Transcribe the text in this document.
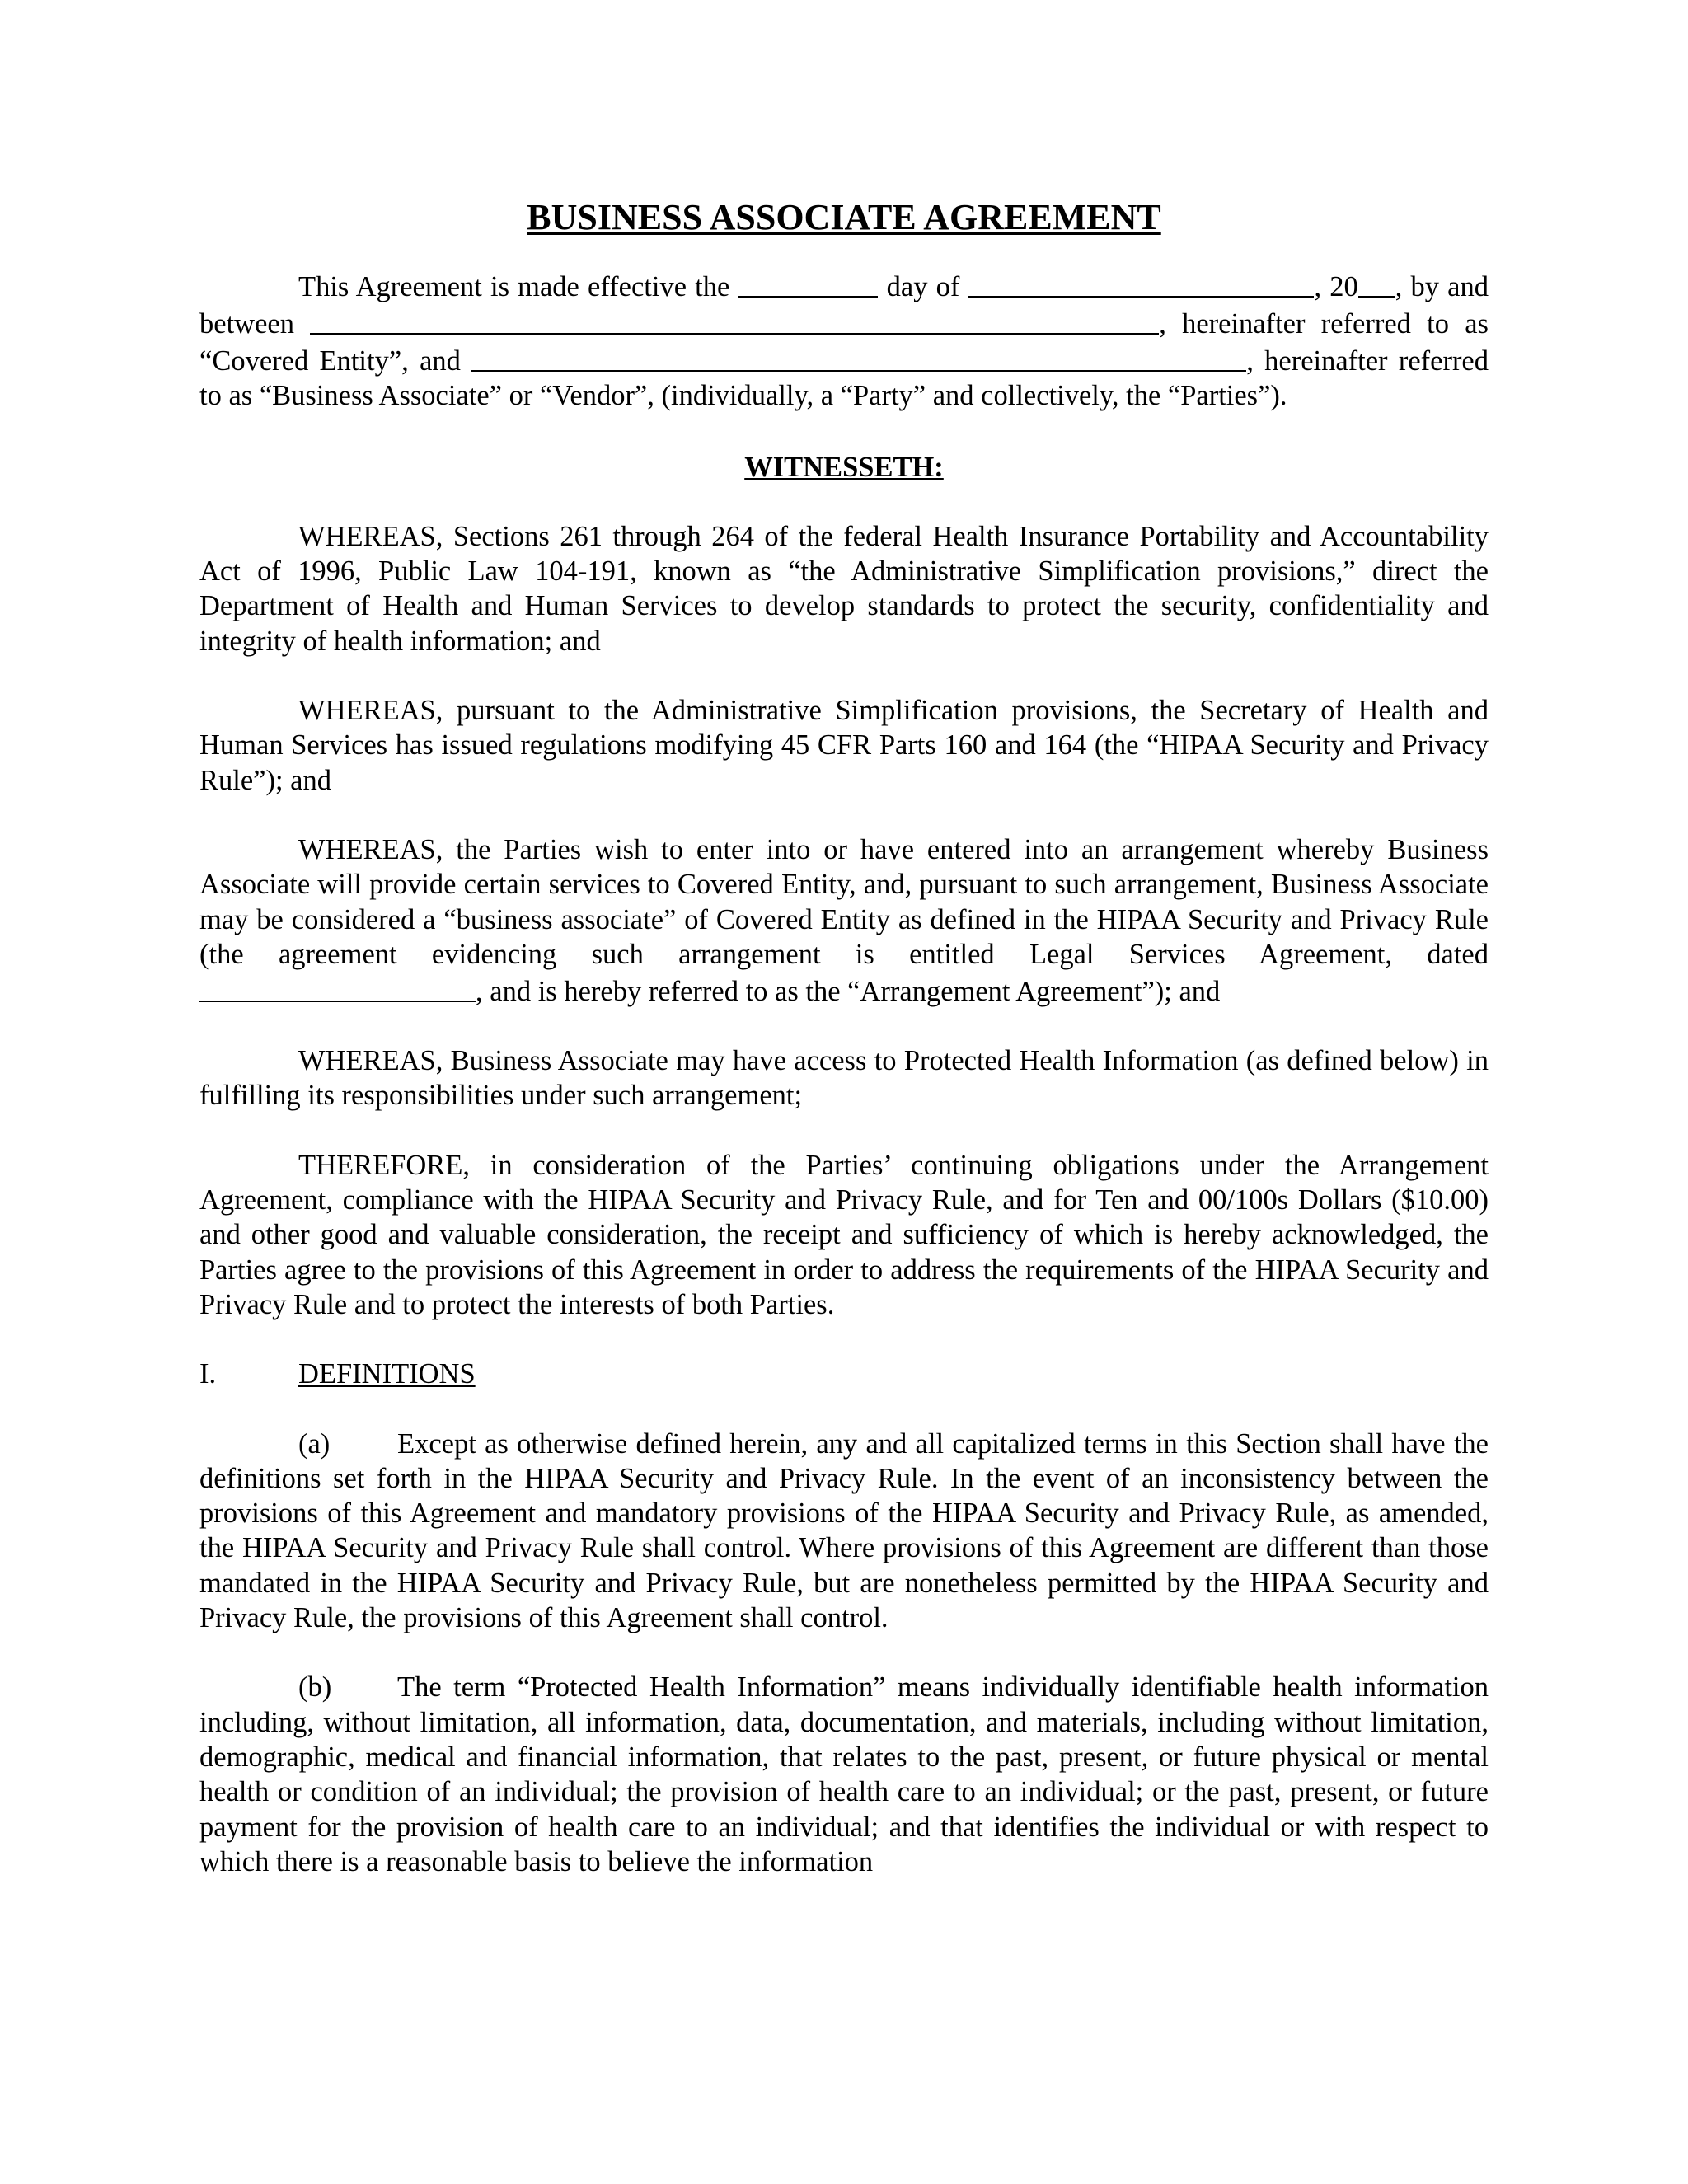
BUSINESS ASSOCIATE AGREEMENT

This Agreement is made effective the	day of	, 20 , by and between	, hereinafter referred to as “Covered Entity”, and	, hereinafter referred to as “Business Associate” or “Vendor”, (individually, a “Party” and collectively, the “Parties”).

WITNESSETH:

WHEREAS, Sections 261 through 264 of the federal Health Insurance Portability and Accountability Act of 1996, Public Law 104-191, known as “the Administrative Simplification provisions,” direct the Department of Health and Human Services to develop standards to protect the security, confidentiality and integrity of health information; and

WHEREAS, pursuant to the Administrative Simplification provisions, the Secretary of Health and Human Services has issued regulations modifying 45 CFR Parts 160 and 164 (the “HIPAA Security and Privacy Rule”); and

WHEREAS, the Parties wish to enter into or have entered into an arrangement whereby Business Associate will provide certain services to Covered Entity, and, pursuant to such arrangement, Business Associate may be considered a “business associate” of Covered Entity as defined in the HIPAA Security and Privacy Rule (the agreement evidencing such arrangement is entitled Legal Services Agreement, dated , and is hereby referred to as the “Arrangement Agreement”); and

WHEREAS, Business Associate may have access to Protected Health Information (as defined below) in fulfilling its responsibilities under such arrangement;

THEREFORE, in consideration of the Parties’ continuing obligations under the Arrangement Agreement, compliance with the HIPAA Security and Privacy Rule, and for Ten and 00/100s Dollars ($10.00) and other good and valuable consideration, the receipt and sufficiency of which is hereby acknowledged, the Parties agree to the provisions of this Agreement in order to address the requirements of the HIPAA Security and Privacy Rule and to protect the interests of both Parties.

I.	DEFINITIONS

(a) Except as otherwise defined herein, any and all capitalized terms in this Section shall have the definitions set forth in the HIPAA Security and Privacy Rule. In the event of an inconsistency between the provisions of this Agreement and mandatory provisions of the HIPAA Security and Privacy Rule, as amended, the HIPAA Security and Privacy Rule shall control. Where provisions of this Agreement are different than those mandated in the HIPAA Security and Privacy Rule, but are nonetheless permitted by the HIPAA Security and Privacy Rule, the provisions of this Agreement shall control.

(b) The term “Protected Health Information” means individually identifiable health information including, without limitation, all information, data, documentation, and materials, including without limitation, demographic, medical and financial information, that relates to the past, present, or future physical or mental health or condition of an individual; the provision of health care to an individual; or the past, present, or future payment for the provision of health care to an individual; and that identifies the individual or with respect to which there is a reasonable basis to believe the information
